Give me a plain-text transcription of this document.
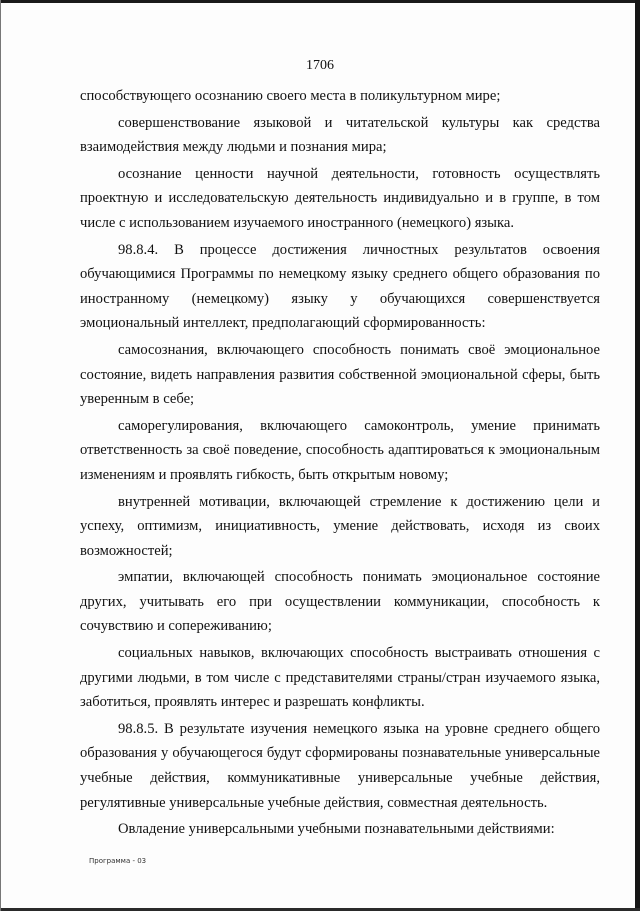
1706

способствующего осознанию своего места в поликультурном мире;

совершенствование языковой и читательской культуры как средства взаимодействия между людьми и познания мира;

осознание ценности научной деятельности, готовность осуществлять проектную и исследовательскую деятельность индивидуально и в группе, в том числе с использованием изучаемого иностранного (немецкого) языка.

98.8.4. В процессе достижения личностных результатов освоения обучающимися Программы по немецкому языку среднего общего образования по иностранному (немецкому) языку у обучающихся совершенствуется эмоциональный интеллект, предполагающий сформированность:

самосознания, включающего способность понимать своё эмоциональное состояние, видеть направления развития собственной эмоциональной сферы, быть уверенным в себе;

саморегулирования, включающего самоконтроль, умение принимать ответственность за своё поведение, способность адаптироваться к эмоциональным изменениям и проявлять гибкость, быть открытым новому;

внутренней мотивации, включающей стремление к достижению цели и успеху, оптимизм, инициативность, умение действовать, исходя из своих возможностей;

эмпатии, включающей способность понимать эмоциональное состояние других, учитывать его при осуществлении коммуникации, способность к сочувствию и сопереживанию;

социальных навыков, включающих способность выстраивать отношения с другими людьми, в том числе с представителями страны/стран изучаемого языка, заботиться, проявлять интерес и разрешать конфликты.

98.8.5. В результате изучения немецкого языка на уровне среднего общего образования у обучающегося будут сформированы познавательные универсальные учебные действия, коммуникативные универсальные учебные действия, регулятивные универсальные учебные действия, совместная деятельность.

Овладение универсальными учебными познавательными действиями:

Программа - 03
